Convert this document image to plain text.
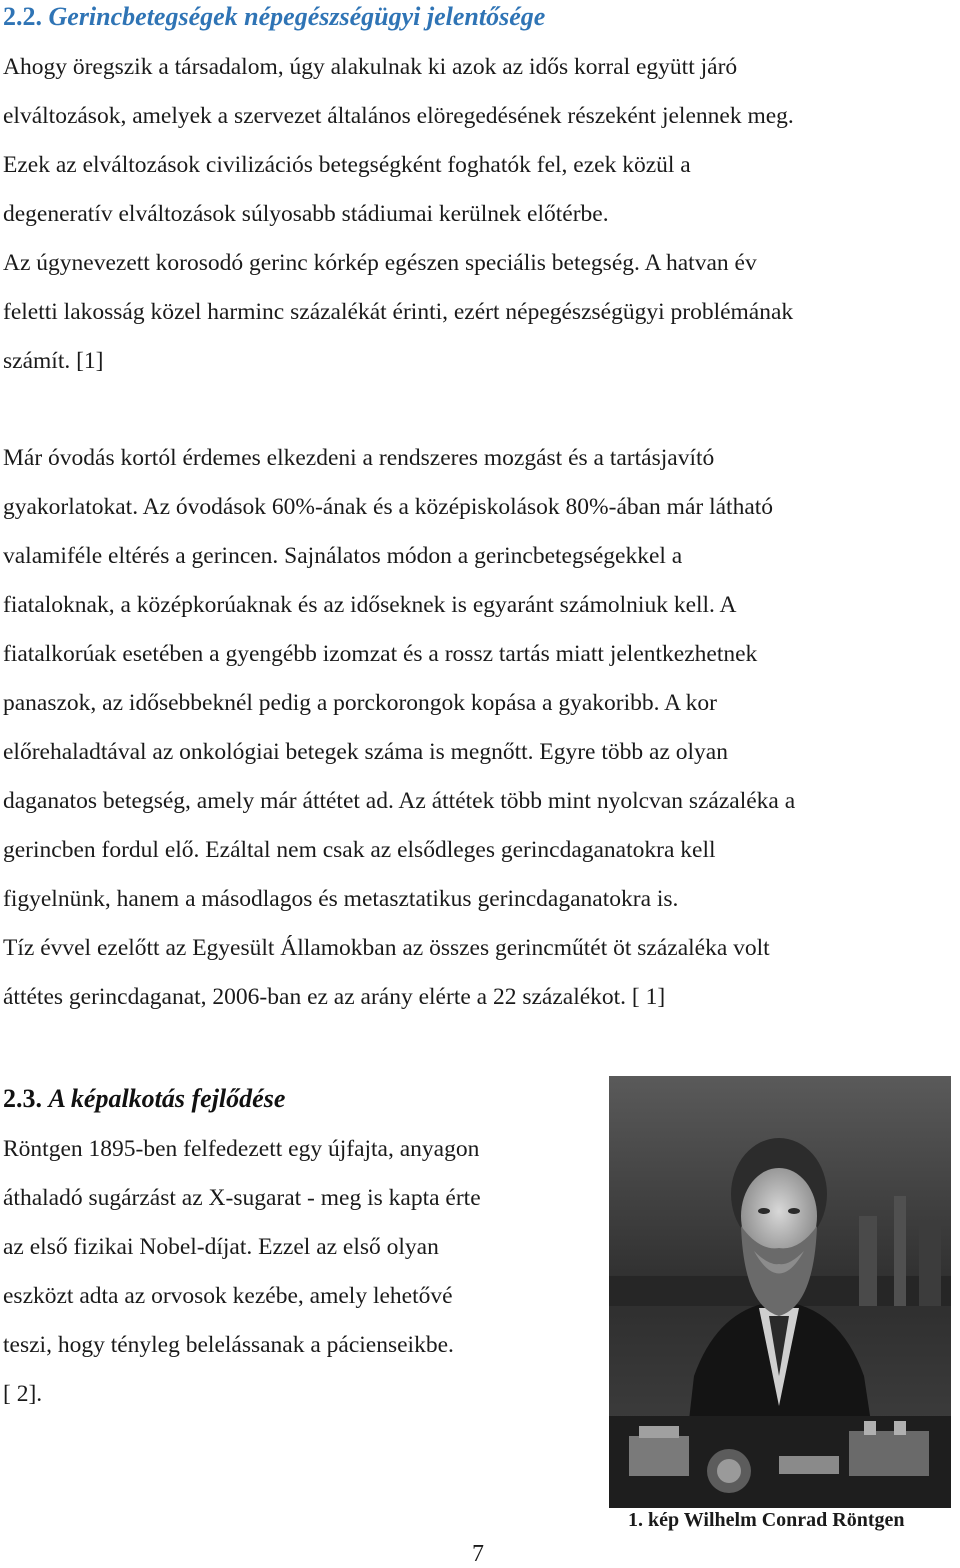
2.2. Gerincbetegségek népegészségügyi jelentősége

Ahogy öregszik a társadalom, úgy alakulnak ki azok az idős korral együtt járó
elváltozások, amelyek a szervezet általános elöregedésének részeként jelennek meg.
Ezek az elváltozások civilizációs betegségként foghatók fel, ezek közül a
degeneratív elváltozások súlyosabb stádiumai kerülnek előtérbe.
Az úgynevezett korosodó gerinc kórkép egészen speciális betegség. A hatvan év
feletti lakosság közel harminc százalékát érinti, ezért népegészségügyi problémának
számít. [1]

Már óvodás kortól érdemes elkezdeni a rendszeres mozgást és a tartásjavító
gyakorlatokat. Az óvodások 60%-ának és a középiskolások 80%-ában már látható
valamiféle eltérés a gerincen. Sajnálatos módon a gerincbetegségekkel a
fiataloknak, a középkorúaknak és az időseknek is egyaránt számolniuk kell. A
fiatalkorúak esetében a gyengébb izomzat és a rossz tartás miatt jelentkezhetnek
panaszok, az idősebbeknél pedig a porckorongok kopása a gyakoribb. A kor
előrehaladtával az onkológiai betegek száma is megnőtt. Egyre több az olyan
daganatos betegség, amely már áttétet ad. Az áttétek több mint nyolcvan százaléka a
gerincben fordul elő. Ezáltal nem csak az elsődleges gerincdaganatokra kell
figyelnünk, hanem a másodlagos és metasztatikus gerincdaganatokra is.
Tíz évvel ezelőtt az Egyesült Államokban az összes gerincműtét öt százaléka volt
áttétes gerincdaganat, 2006-ban ez az arány elérte a 22 százalékot. [ 1]

2.3. A képalkotás fejlődése

Röntgen 1895-ben felfedezett egy újfajta, anyagon
áthaladó sugárzást az X-sugarat - meg is kapta érte
az első fizikai Nobel-díjat. Ezzel az első olyan
eszközt adta az orvosok kezébe, amely lehetővé
teszi, hogy tényleg belelássanak a pácienseikbe.
[ 2].

1. kép Wilhelm Conrad Röntgen
7
